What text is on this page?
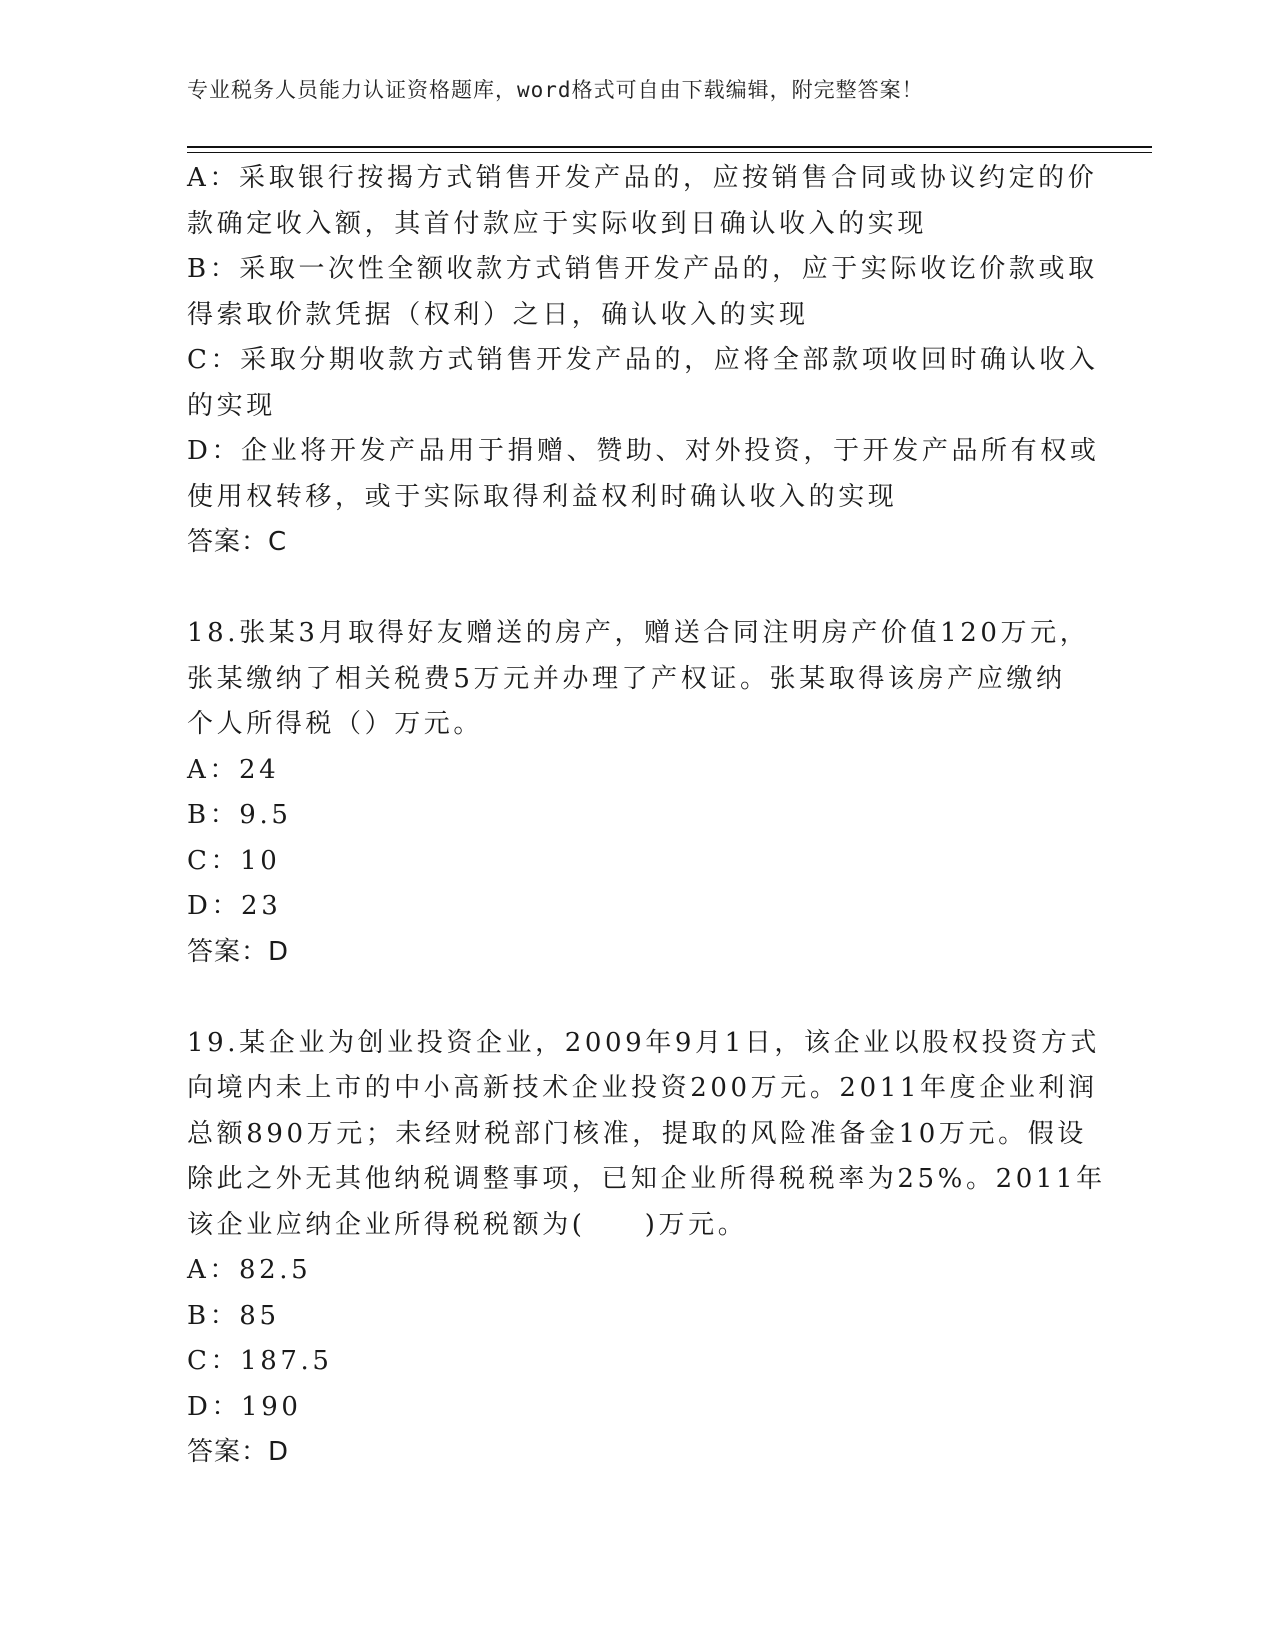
专业税务人员能力认证资格题库，word格式可自由下载编辑，附完整答案！

A：采取银行按揭方式销售开发产品的，应按销售合同或协议约定的价

款确定收入额，其首付款应于实际收到日确认收入的实现

B：采取一次性全额收款方式销售开发产品的，应于实际收讫价款或取

得索取价款凭据（权利）之日，确认收入的实现

C：采取分期收款方式销售开发产品的，应将全部款项收回时确认收入

的实现

D：企业将开发产品用于捐赠、赞助、对外投资，于开发产品所有权或

使用权转移，或于实际取得利益权利时确认收入的实现

答案：C

18.张某3月取得好友赠送的房产，赠送合同注明房产价值120万元，

张某缴纳了相关税费5万元并办理了产权证。张某取得该房产应缴纳

个人所得税（）万元。

A：24

B：9.5

C：10

D：23

答案：D

19.某企业为创业投资企业，2009年9月1日，该企业以股权投资方式

向境内未上市的中小高新技术企业投资200万元。2011年度企业利润

总额890万元；未经财税部门核准，提取的风险准备金10万元。假设

除此之外无其他纳税调整事项，已知企业所得税税率为25%。2011年

该企业应纳企业所得税税额为(　　)万元。

A：82.5

B：85

C：187.5

D：190

答案：D
